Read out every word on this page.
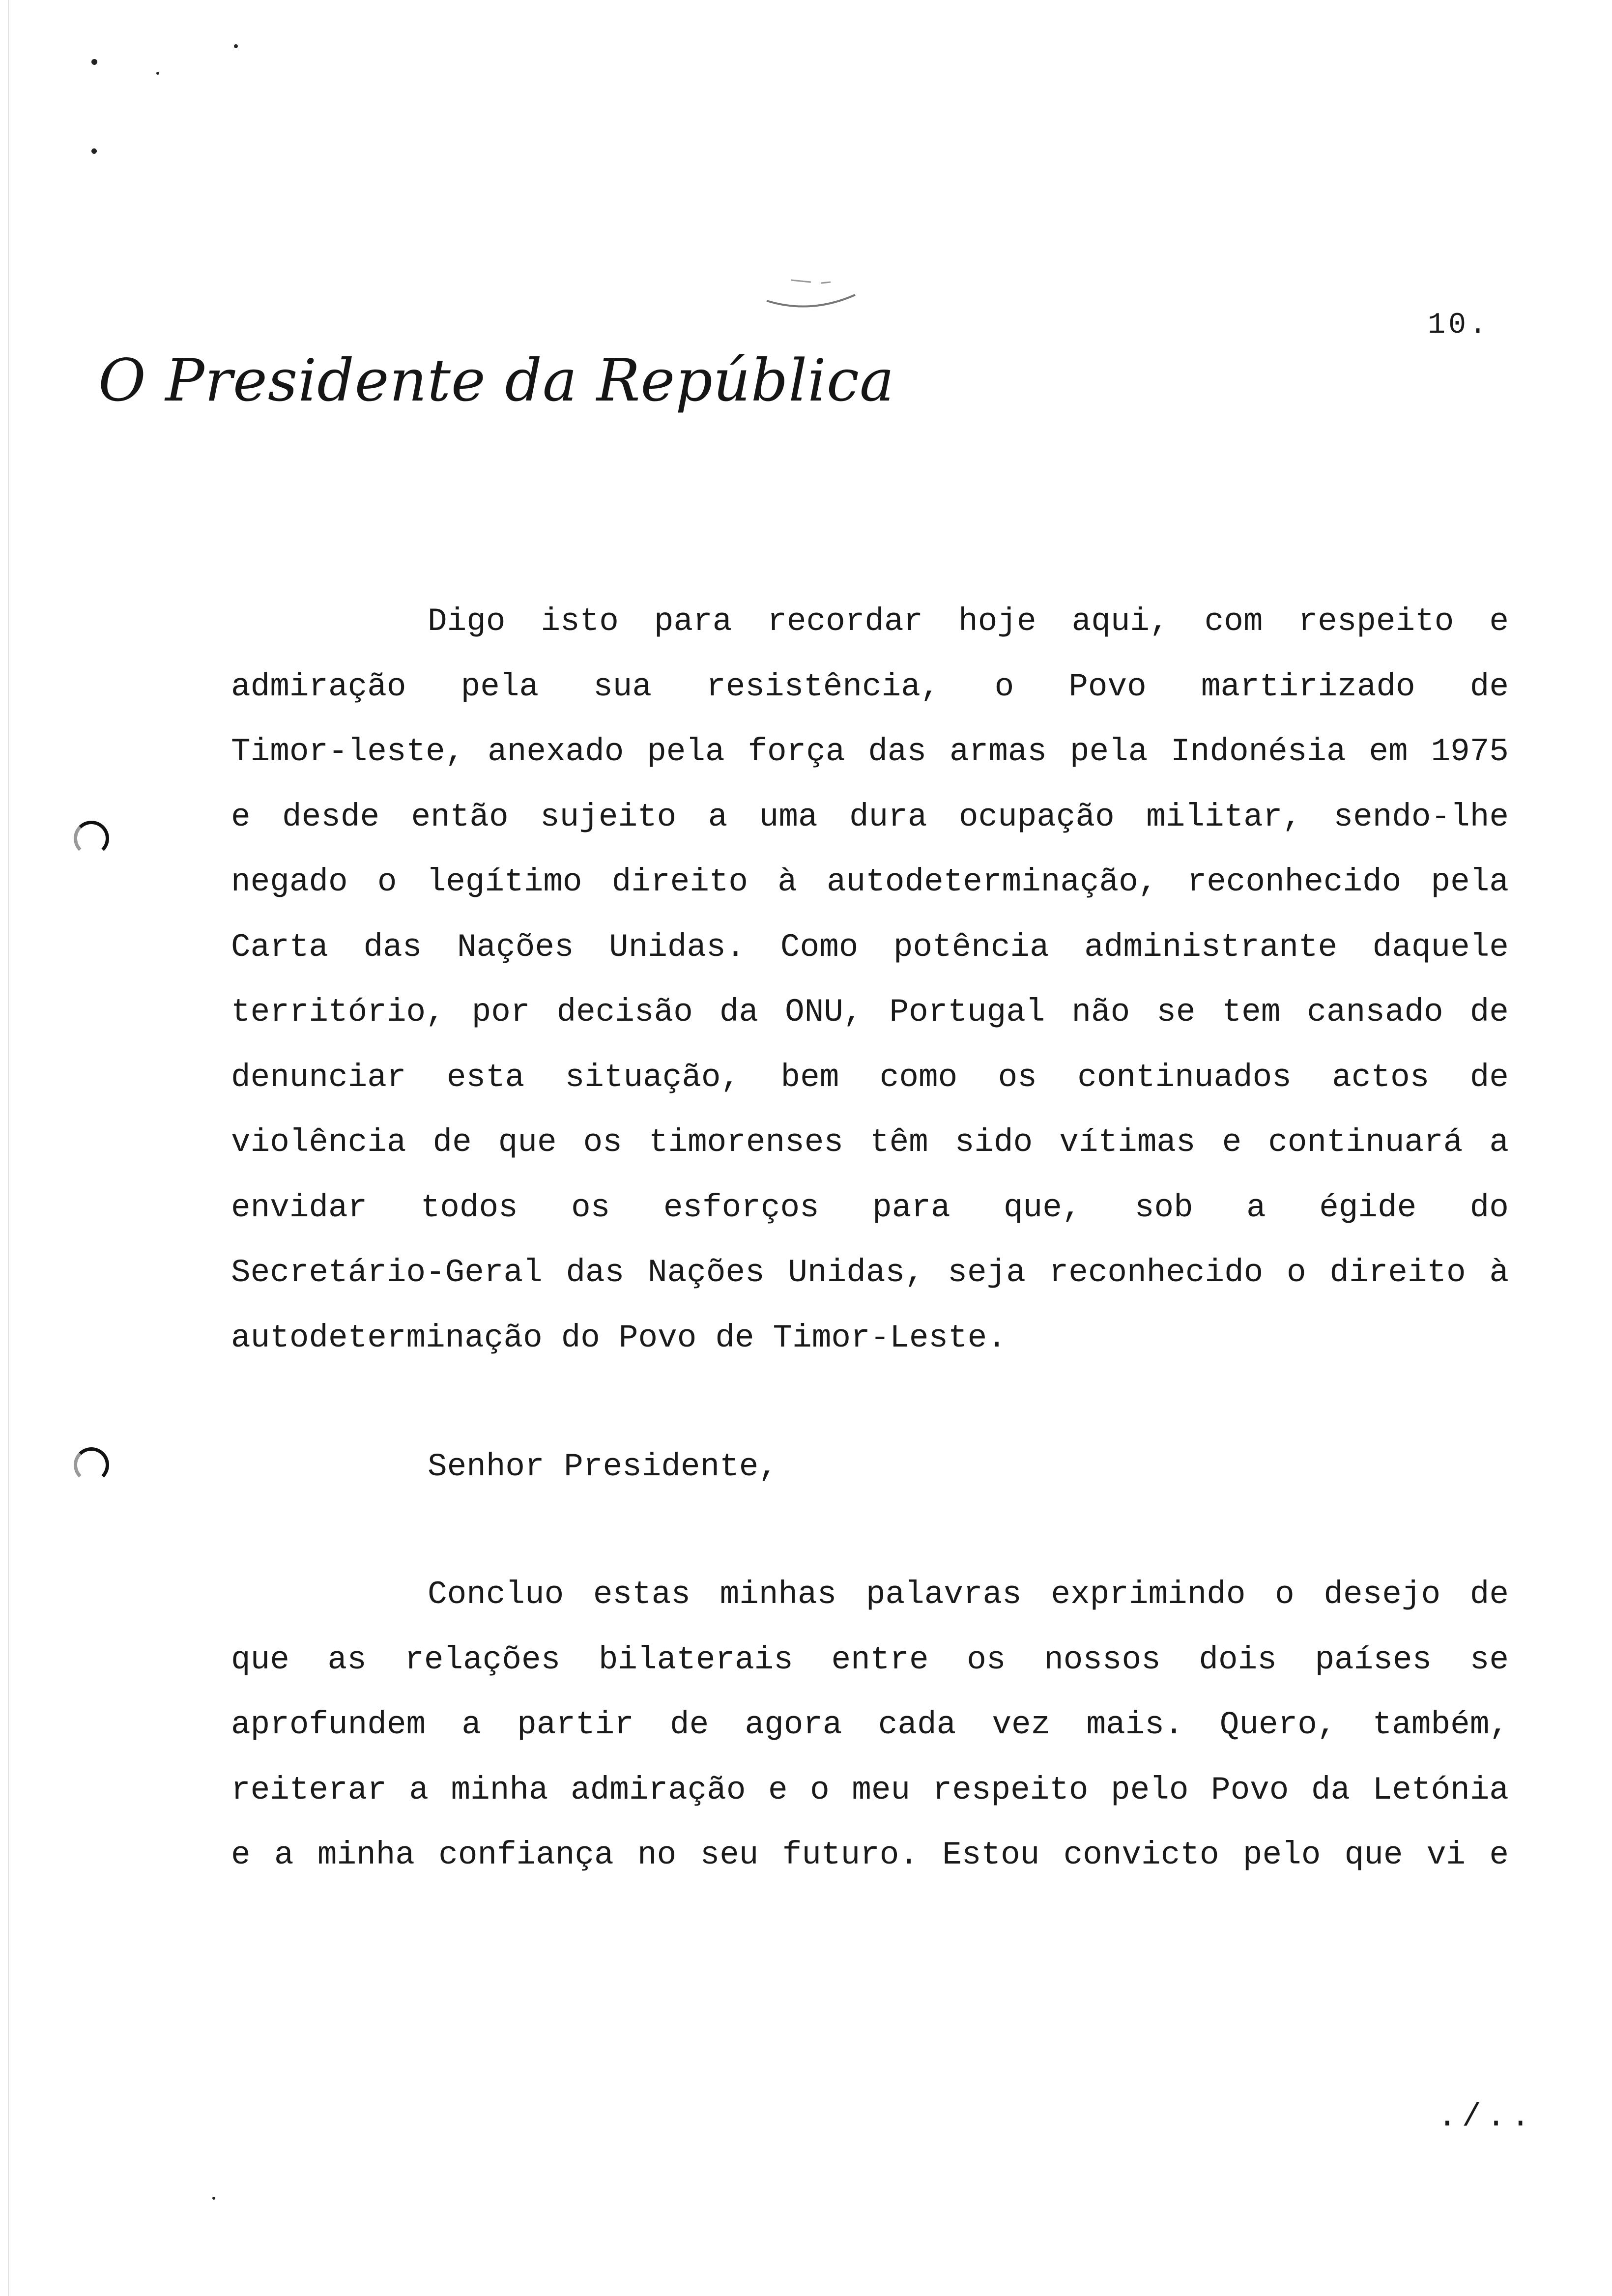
O Presidente da República
10.
Digo isto para recordar hoje aqui, com respeito e
admiração pela sua resistência, o Povo martirizado de
Timor-leste, anexado pela força das armas pela Indonésia em 1975
e desde então sujeito a uma dura ocupação militar, sendo-lhe
negado o legítimo direito à autodeterminação, reconhecido pela
Carta das Nações Unidas. Como potência administrante daquele
território, por decisão da ONU, Portugal não se tem cansado de
denunciar esta situação, bem como os continuados actos de
violência de que os timorenses têm sido vítimas e continuará a
envidar todos os esforços para que, sob a égide do
Secretário-Geral das Nações Unidas, seja reconhecido o direito à
autodeterminação do Povo de Timor-Leste.
Senhor Presidente,
Concluo estas minhas palavras exprimindo o desejo de
que as relações bilaterais entre os nossos dois países se
aprofundem a partir de agora cada vez mais. Quero, também,
reiterar a minha admiração e o meu respeito pelo Povo da Letónia
e a minha confiança no seu futuro. Estou convicto pelo que vi e
./..
